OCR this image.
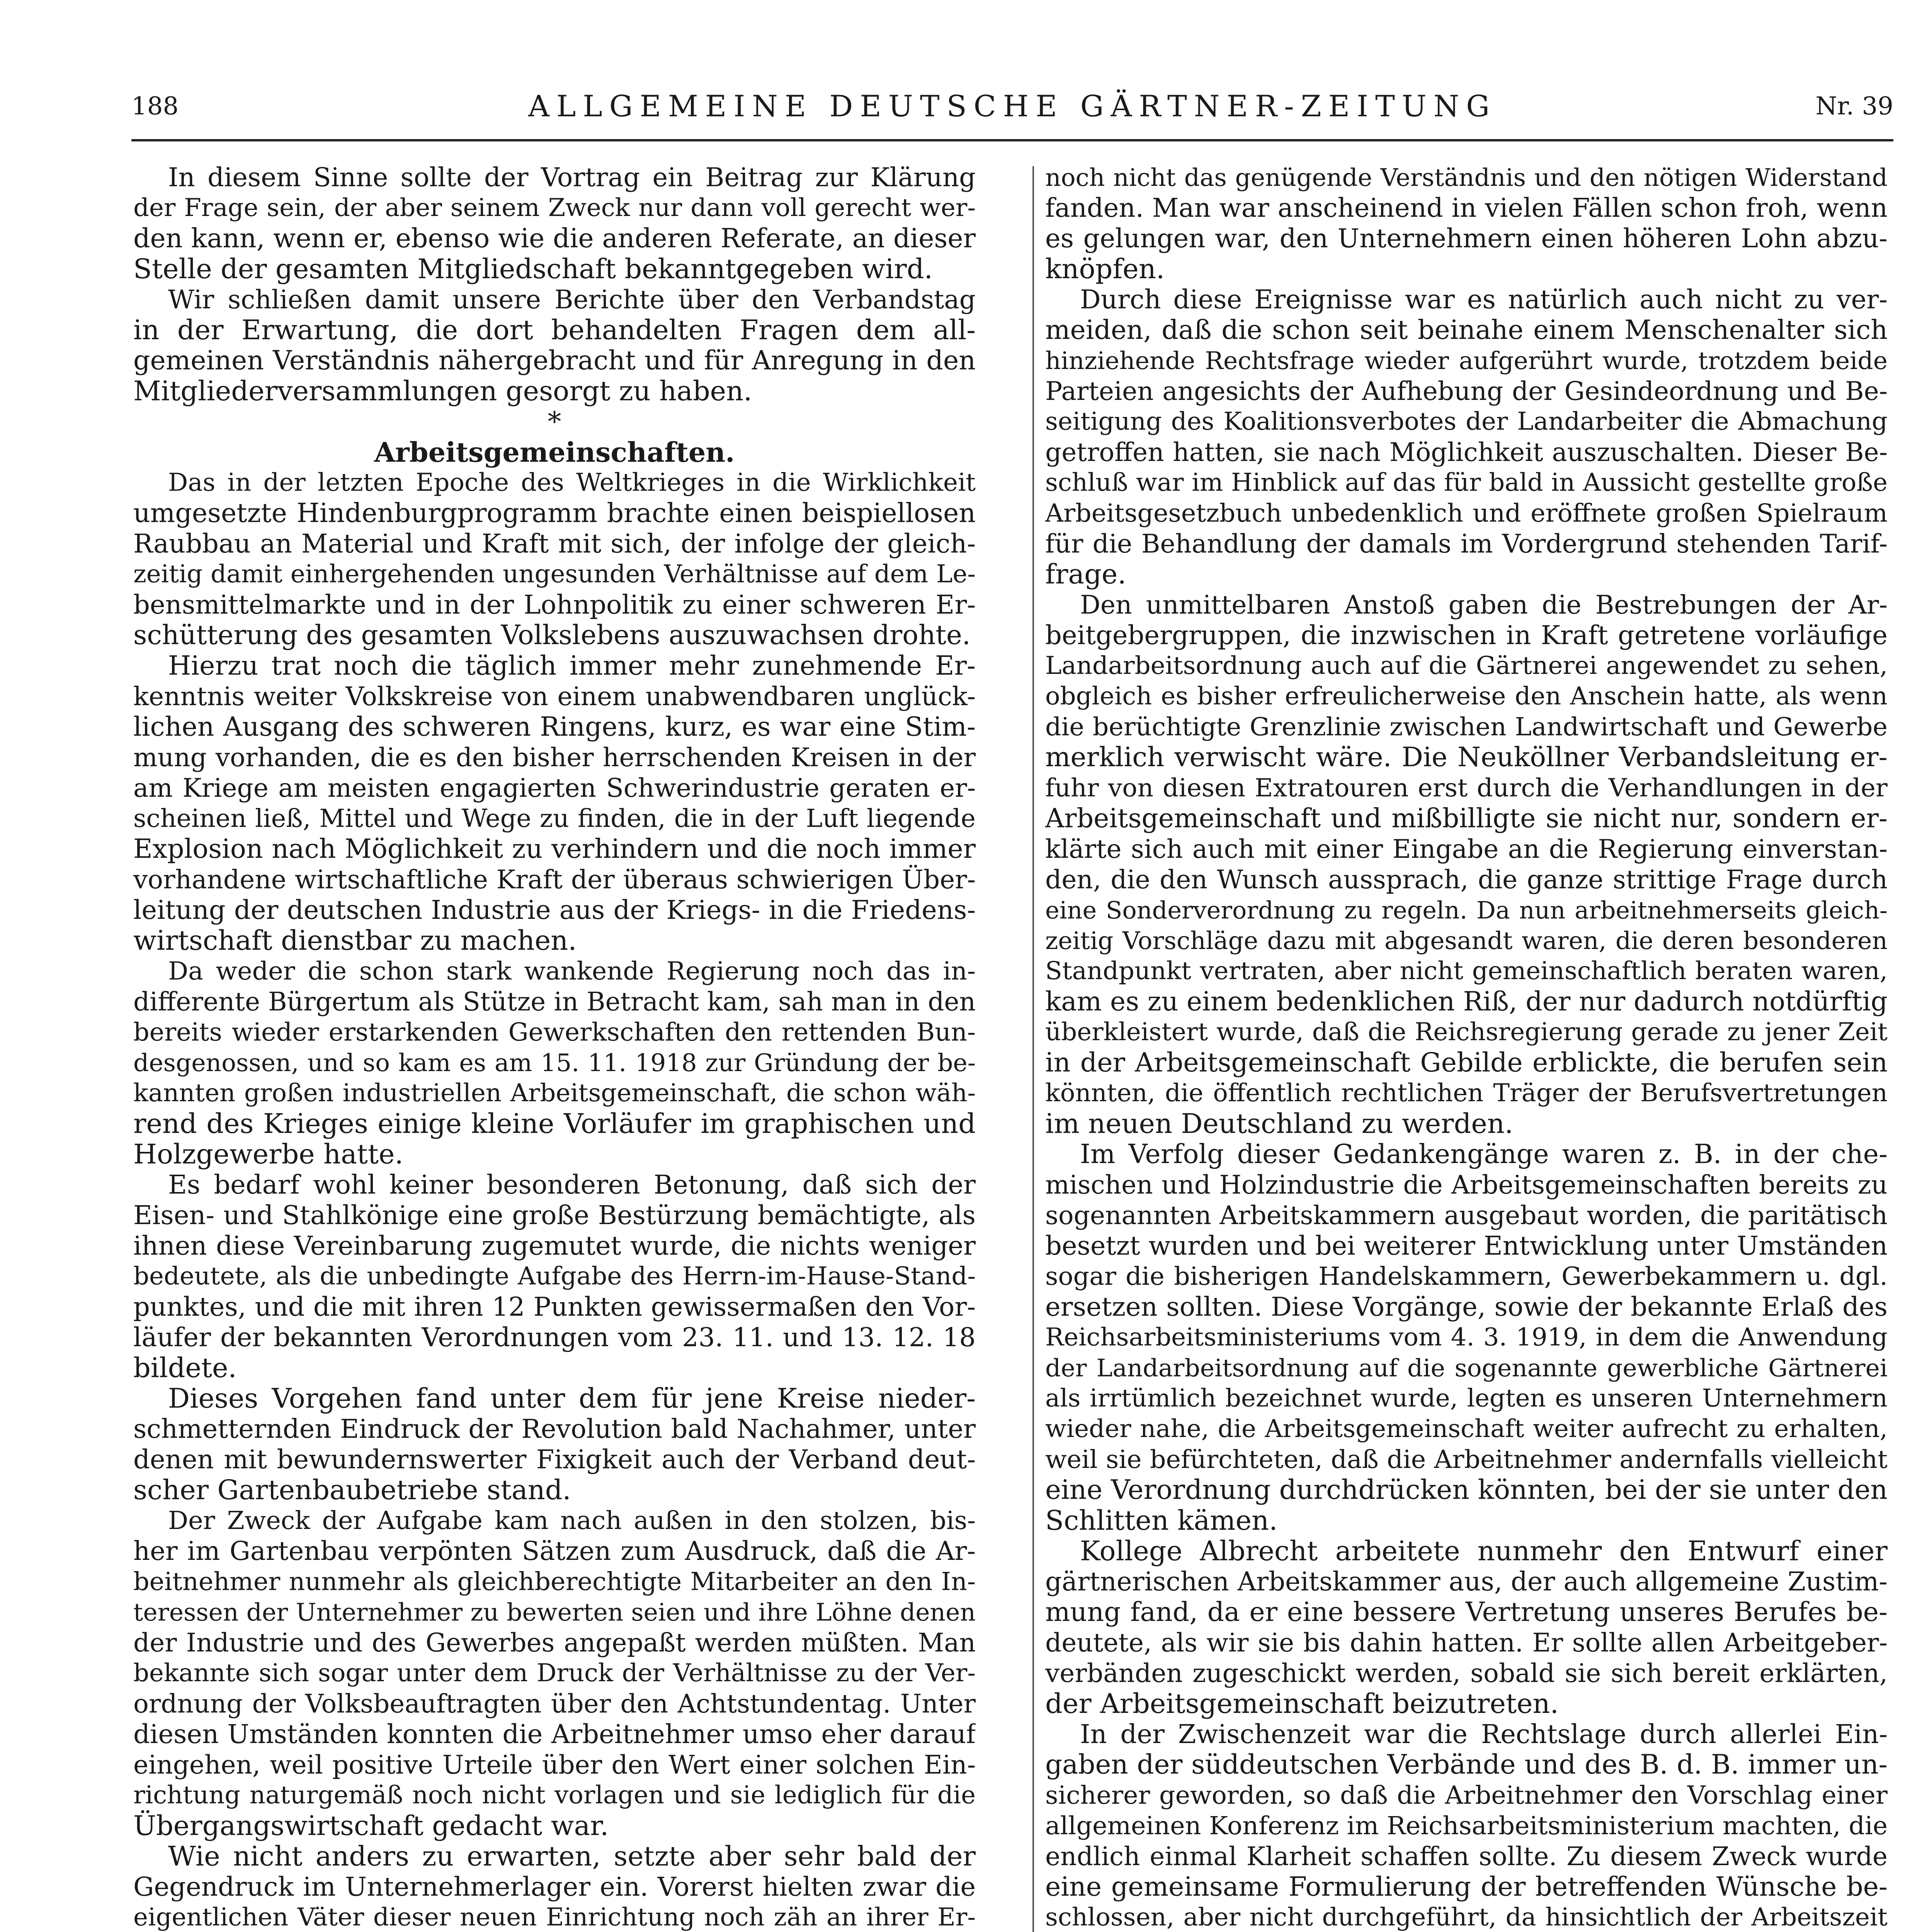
188	ALLGEMEINE DEUTSCHE GÄRTNER-ZEITUNG	Nr. 39
In diesem Sinne sollte der Vortrag ein Beitrag zur Klärung
der Frage sein, der aber seinem Zweck nur dann voll gerecht wer-
den kann, wenn er, ebenso wie die anderen Referate, an dieser
Stelle der gesamten Mitgliedschaft bekanntgegeben wird.
Wir schließen damit unsere Berichte über den Verbandstag
in der Erwartung, die dort behandelten Fragen dem all-
gemeinen Verständnis nähergebracht und für Anregung in den
Mitgliederversammlungen gesorgt zu haben.
*
Arbeitsgemeinschaften.
Das in der letzten Epoche des Weltkrieges in die Wirklichkeit
umgesetzte Hindenburgprogramm brachte einen beispiellosen
Raubbau an Material und Kraft mit sich, der infolge der gleich-
zeitig damit einhergehenden ungesunden Verhältnisse auf dem Le-
bensmittelmarkte und in der Lohnpolitik zu einer schweren Er-
schütterung des gesamten Volkslebens auszuwachsen drohte.
Hierzu trat noch die täglich immer mehr zunehmende Er-
kenntnis weiter Volkskreise von einem unabwendbaren unglück-
lichen Ausgang des schweren Ringens, kurz, es war eine Stim-
mung vorhanden, die es den bisher herrschenden Kreisen in der
am Kriege am meisten engagierten Schwerindustrie geraten er-
scheinen ließ, Mittel und Wege zu finden, die in der Luft liegende
Explosion nach Möglichkeit zu verhindern und die noch immer
vorhandene wirtschaftliche Kraft der überaus schwierigen Über-
leitung der deutschen Industrie aus der Kriegs- in die Friedens-
wirtschaft dienstbar zu machen.
Da weder die schon stark wankende Regierung noch das in-
differente Bürgertum als Stütze in Betracht kam, sah man in den
bereits wieder erstarkenden Gewerkschaften den rettenden Bun-
desgenossen, und so kam es am 15. 11. 1918 zur Gründung der be-
kannten großen industriellen Arbeitsgemeinschaft, die schon wäh-
rend des Krieges einige kleine Vorläufer im graphischen und
Holzgewerbe hatte.
Es bedarf wohl keiner besonderen Betonung, daß sich der
Eisen- und Stahlkönige eine große Bestürzung bemächtigte, als
ihnen diese Vereinbarung zugemutet wurde, die nichts weniger
bedeutete, als die unbedingte Aufgabe des Herrn-im-Hause-Stand-
punktes, und die mit ihren 12 Punkten gewissermaßen den Vor-
läufer der bekannten Verordnungen vom 23. 11. und 13. 12. 18
bildete.
Dieses Vorgehen fand unter dem für jene Kreise nieder-
schmetternden Eindruck der Revolution bald Nachahmer, unter
denen mit bewundernswerter Fixigkeit auch der Verband deut-
scher Gartenbaubetriebe stand.
Der Zweck der Aufgabe kam nach außen in den stolzen, bis-
her im Gartenbau verpönten Sätzen zum Ausdruck, daß die Ar-
beitnehmer nunmehr als gleichberechtigte Mitarbeiter an den In-
teressen der Unternehmer zu bewerten seien und ihre Löhne denen
der Industrie und des Gewerbes angepaßt werden müßten. Man
bekannte sich sogar unter dem Druck der Verhältnisse zu der Ver-
ordnung der Volksbeauftragten über den Achtstundentag. Unter
diesen Umständen konnten die Arbeitnehmer umso eher darauf
eingehen, weil positive Urteile über den Wert einer solchen Ein-
richtung naturgemäß noch nicht vorlagen und sie lediglich für die
Übergangswirtschaft gedacht war.
Wie nicht anders zu erwarten, setzte aber sehr bald der
Gegendruck im Unternehmerlager ein. Vorerst hielten zwar die
eigentlichen Väter dieser neuen Einrichtung noch zäh an ihrer Er-
noch nicht das genügende Verständnis und den nötigen Widerstand
fanden. Man war anscheinend in vielen Fällen schon froh, wenn
es gelungen war, den Unternehmern einen höheren Lohn abzu-
knöpfen.
Durch diese Ereignisse war es natürlich auch nicht zu ver-
meiden, daß die schon seit beinahe einem Menschenalter sich
hinziehende Rechtsfrage wieder aufgerührt wurde, trotzdem beide
Parteien angesichts der Aufhebung der Gesindeordnung und Be-
seitigung des Koalitionsverbotes der Landarbeiter die Abmachung
getroffen hatten, sie nach Möglichkeit auszuschalten. Dieser Be-
schluß war im Hinblick auf das für bald in Aussicht gestellte große
Arbeitsgesetzbuch unbedenklich und eröffnete großen Spielraum
für die Behandlung der damals im Vordergrund stehenden Tarif-
frage.
Den unmittelbaren Anstoß gaben die Bestrebungen der Ar-
beitgebergruppen, die inzwischen in Kraft getretene vorläufige
Landarbeitsordnung auch auf die Gärtnerei angewendet zu sehen,
obgleich es bisher erfreulicherweise den Anschein hatte, als wenn
die berüchtigte Grenzlinie zwischen Landwirtschaft und Gewerbe
merklich verwischt wäre. Die Neuköllner Verbandsleitung er-
fuhr von diesen Extratouren erst durch die Verhandlungen in der
Arbeitsgemeinschaft und mißbilligte sie nicht nur, sondern er-
klärte sich auch mit einer Eingabe an die Regierung einverstan-
den, die den Wunsch aussprach, die ganze strittige Frage durch
eine Sonderverordnung zu regeln. Da nun arbeitnehmerseits gleich-
zeitig Vorschläge dazu mit abgesandt waren, die deren besonderen
Standpunkt vertraten, aber nicht gemeinschaftlich beraten waren,
kam es zu einem bedenklichen Riß, der nur dadurch notdürftig
überkleistert wurde, daß die Reichsregierung gerade zu jener Zeit
in der Arbeitsgemeinschaft Gebilde erblickte, die berufen sein
könnten, die öffentlich rechtlichen Träger der Berufsvertretungen
im neuen Deutschland zu werden.
Im Verfolg dieser Gedankengänge waren z. B. in der che-
mischen und Holzindustrie die Arbeitsgemeinschaften bereits zu
sogenannten Arbeitskammern ausgebaut worden, die paritätisch
besetzt wurden und bei weiterer Entwicklung unter Umständen
sogar die bisherigen Handelskammern, Gewerbekammern u. dgl.
ersetzen sollten. Diese Vorgänge, sowie der bekannte Erlaß des
Reichsarbeitsministeriums vom 4. 3. 1919, in dem die Anwendung
der Landarbeitsordnung auf die sogenannte gewerbliche Gärtnerei
als irrtümlich bezeichnet wurde, legten es unseren Unternehmern
wieder nahe, die Arbeitsgemeinschaft weiter aufrecht zu erhalten,
weil sie befürchteten, daß die Arbeitnehmer andernfalls vielleicht
eine Verordnung durchdrücken könnten, bei der sie unter den
Schlitten kämen.
Kollege Albrecht arbeitete nunmehr den Entwurf einer
gärtnerischen Arbeitskammer aus, der auch allgemeine Zustim-
mung fand, da er eine bessere Vertretung unseres Berufes be-
deutete, als wir sie bis dahin hatten. Er sollte allen Arbeitgeber-
verbänden zugeschickt werden, sobald sie sich bereit erklärten,
der Arbeitsgemeinschaft beizutreten.
In der Zwischenzeit war die Rechtslage durch allerlei Ein-
gaben der süddeutschen Verbände und des B. d. B. immer un-
sicherer geworden, so daß die Arbeitnehmer den Vorschlag einer
allgemeinen Konferenz im Reichsarbeitsministerium machten, die
endlich einmal Klarheit schaffen sollte. Zu diesem Zweck wurde
eine gemeinsame Formulierung der betreffenden Wünsche be-
schlossen, aber nicht durchgeführt, da hinsichtlich der Arbeitszeit
